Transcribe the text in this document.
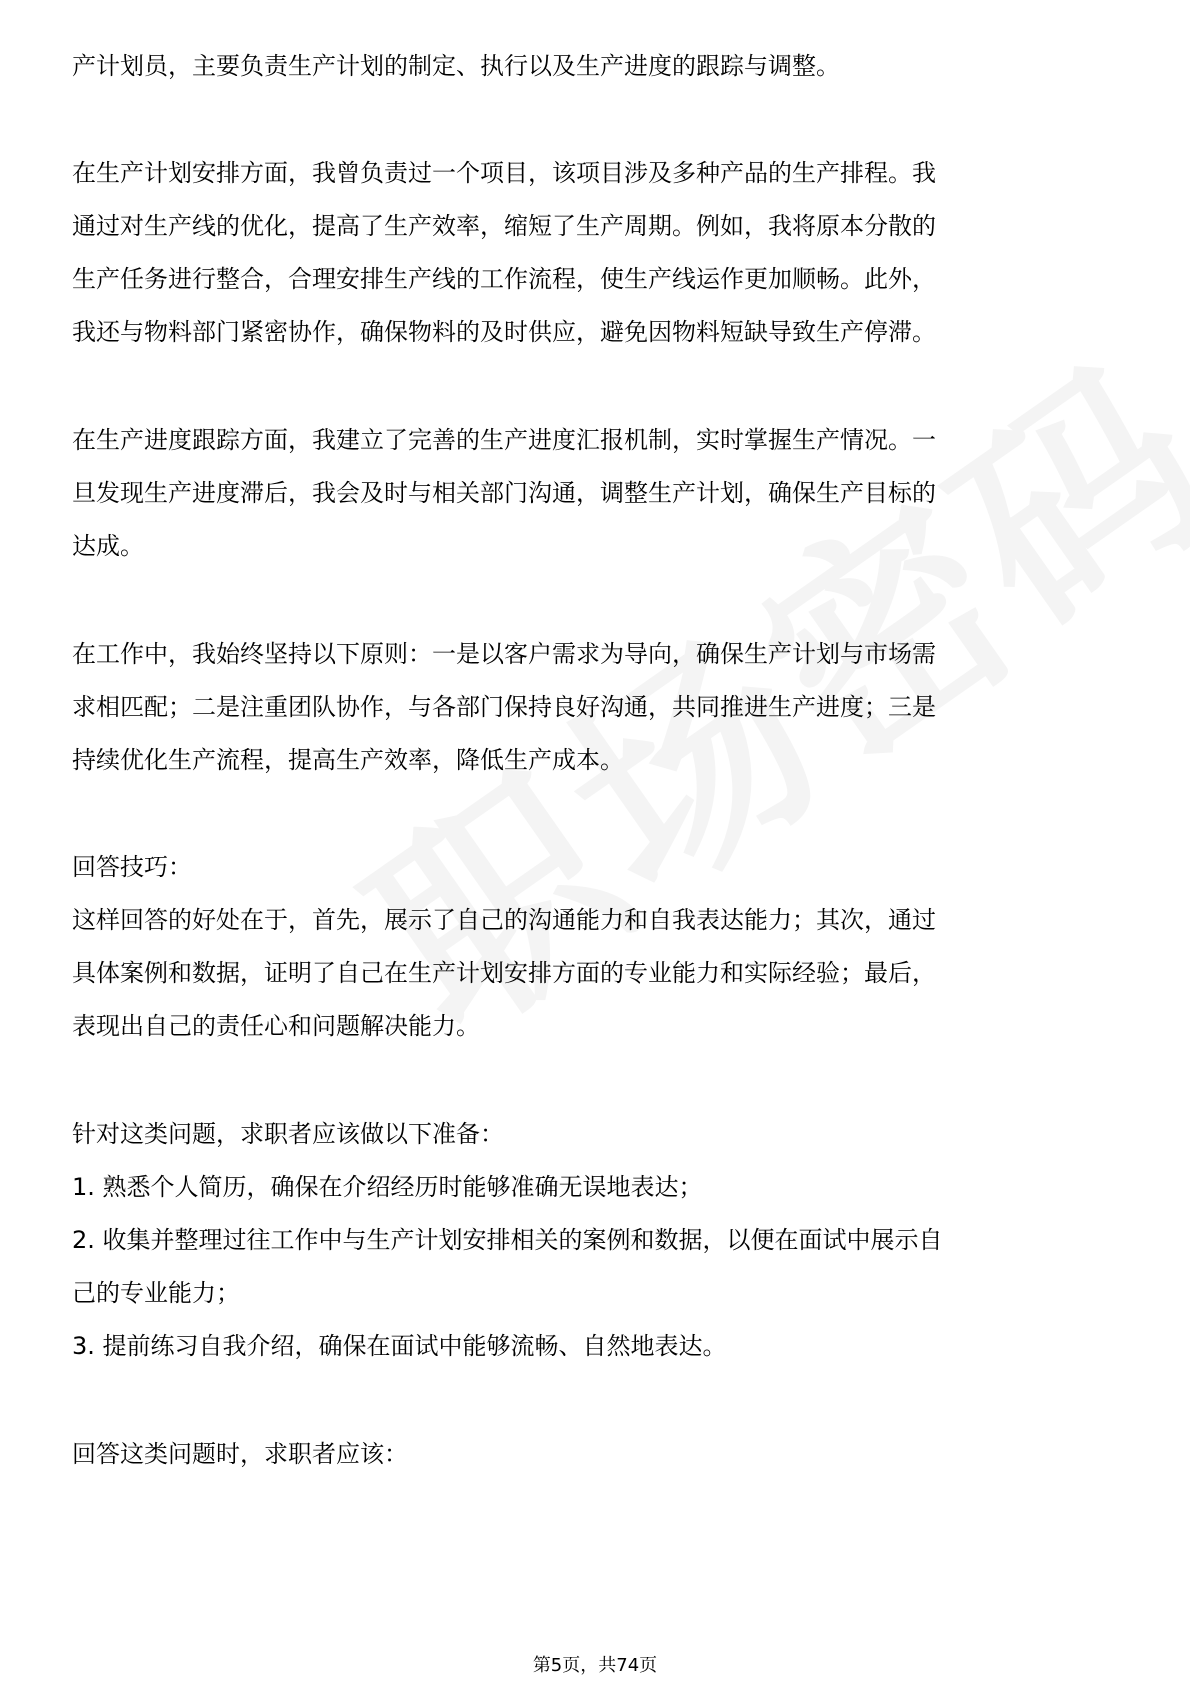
产计划员，主要负责生产计划的制定、执行以及生产进度的跟踪与调整。
在生产计划安排方面，我曾负责过一个项目，该项目涉及多种产品的生产排程。我
通过对生产线的优化，提高了生产效率，缩短了生产周期。例如，我将原本分散的
生产任务进行整合，合理安排生产线的工作流程，使生产线运作更加顺畅。此外，
我还与物料部门紧密协作，确保物料的及时供应，避免因物料短缺导致生产停滞。
在生产进度跟踪方面，我建立了完善的生产进度汇报机制，实时掌握生产情况。一
旦发现生产进度滞后，我会及时与相关部门沟通，调整生产计划，确保生产目标的
达成。
在工作中，我始终坚持以下原则：一是以客户需求为导向，确保生产计划与市场需
求相匹配；二是注重团队协作，与各部门保持良好沟通，共同推进生产进度；三是
持续优化生产流程，提高生产效率，降低生产成本。
回答技巧：
这样回答的好处在于，首先，展示了自己的沟通能力和自我表达能力；其次，通过
具体案例和数据，证明了自己在生产计划安排方面的专业能力和实际经验；最后，
表现出自己的责任心和问题解决能力。
针对这类问题，求职者应该做以下准备：
1. 熟悉个人简历，确保在介绍经历时能够准确无误地表达；
2. 收集并整理过往工作中与生产计划安排相关的案例和数据，以便在面试中展示自
己的专业能力；
3. 提前练习自我介绍，确保在面试中能够流畅、自然地表达。
回答这类问题时，求职者应该：
第5页，共74页
